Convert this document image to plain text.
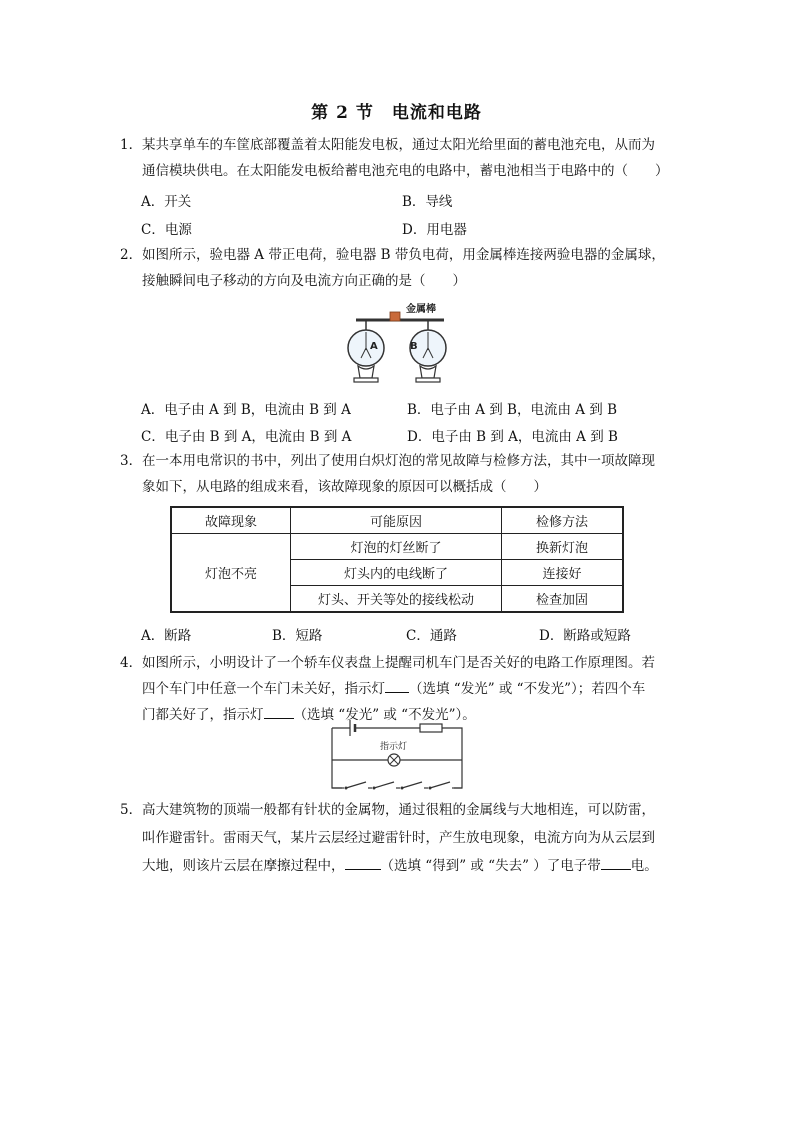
第 2 节　电流和电路
1． 某共享单车的车筐底部覆盖着太阳能发电板，通过太阳光给里面的蓄电池充电，从而为
通信模块供电。在太阳能发电板给蓄电池充电的电路中，蓄电池相当于电路中的（　　）
A．开关	B．导线
C．电源	D．用电器
2． 如图所示，验电器 A 带正电荷，验电器 B 带负电荷，用金属棒连接两验电器的金属球，
接触瞬间电子移动的方向及电流方向正确的是（　　）
金属棒
A	B
A．电子由 A 到 B，电流由 B 到 A	B．电子由 A 到 B，电流由 A 到 B
C．电子由 B 到 A，电流由 B 到 A	D．电子由 B 到 A，电流由 A 到 B
3． 在一本用电常识的书中，列出了使用白炽灯泡的常见故障与检修方法，其中一项故障现
象如下，从电路的组成来看，该故障现象的原因可以概括成（　　）
故障现象	可能原因	检修方法
灯泡不亮	灯泡的灯丝断了	换新灯泡
	灯头内的电线断了	连接好
	灯头、开关等处的接线松动	检查加固
A．断路	B．短路	C．通路	D．断路或短路
4． 如图所示，小明设计了一个轿车仪表盘上提醒司机车门是否关好的电路工作原理图。若
四个车门中任意一个车门未关好，指示灯 （选填 “发光” 或 “不发光”）；若四个车
门都关好了，指示灯 （选填 “发光” 或 “不发光”）。
指示灯
5． 高大建筑物的顶端一般都有针状的金属物，通过很粗的金属线与大地相连，可以防雷，
叫作避雷针。雷雨天气，某片云层经过避雷针时，产生放电现象，电流方向为从云层到
大地，则该片云层在摩擦过程中，	（选填 “得到” 或 “失去” ）了电子带 电。
